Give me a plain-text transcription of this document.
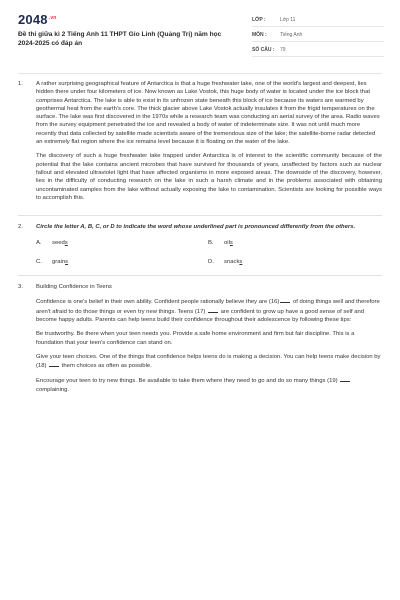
$2048^{.vn}$
Đề thi giữa kì 2 Tiếng Anh 11 THPT Gio Linh (Quảng Trị) năm học 2024-2025 có đáp án
LỚP :	Lớp 11
MÔN :	Tiếng Anh
SỐ CÂU :	79
1.	A rather surprising geographical feature of Antarctica is that a huge freshwater lake, one of the world's largest and deepest, lies hidden there under four kilometers of ice. Now known as Lake Vostok, this huge body of water is located under the ice block that comprises Antarctica. The lake is able to exist in its unfrozen state beneath this block of ice because its waters are warmed by geothermal heat from the earth's core. The thick glacier above Lake Vostok actually insulates it from the frigid temperatures on the surface. The lake was first discovered in the 1970s while a research team was conducting an aerial survey of the area. Radio waves from the survey equipment penetrated the ice and revealed a body of water of indeterminate size. It was not until much more recently that data collected by satellite made scientists aware of the tremendous size of the lake; the satellite-borne radar detected an extremely flat region where the ice remains level because it is floating on the water of the lake.

The discovery of such a huge freshwater lake trapped under Antarctica is of interest to the scientific community because of the potential that the lake contains ancient microbes that have survived for thousands of years, unaffected by factors such as nuclear fallout and elevated ultraviolet light that have affected organisms in more exposed areas. The downside of the discovery, however, lies in the difficulty of conducting research on the lake in such a harsh climate and in the problems associated with obtaining uncontaminated samples from the lake without actually exposing the lake to contamination. Scientists are looking for possible ways to accomplish this.

2.	Circle the letter A, B, C, or D to indicate the word whose underlined part is pronounced differently from the others.
A.	seeds	B.	oils
C.	grains	D.	snacks
3.	Building Confidence in Teens

Confidence is one's belief in their own ability. Confident people rationally believe they are (16) of doing things well and therefore aren't afraid to do those things or even try new things. Teens (17)  are confident to grow up have a good sense of self and become happy adults. Parents can help teens build their confidence throughout their adolescence by following these tips:

Be trustworthy. Be there when your teen needs you. Provide a safe home environment and firm but fair discipline. This is a foundation that your teen's confidence can stand on.

Give your teen choices. One of the things that confidence helps teens do is making a decision. You can help teens make decision by (18)  them choices as often as possible.

Encourage your teen to try new things. Be available to take them where they need to go and do so many things (19)  complaining.
